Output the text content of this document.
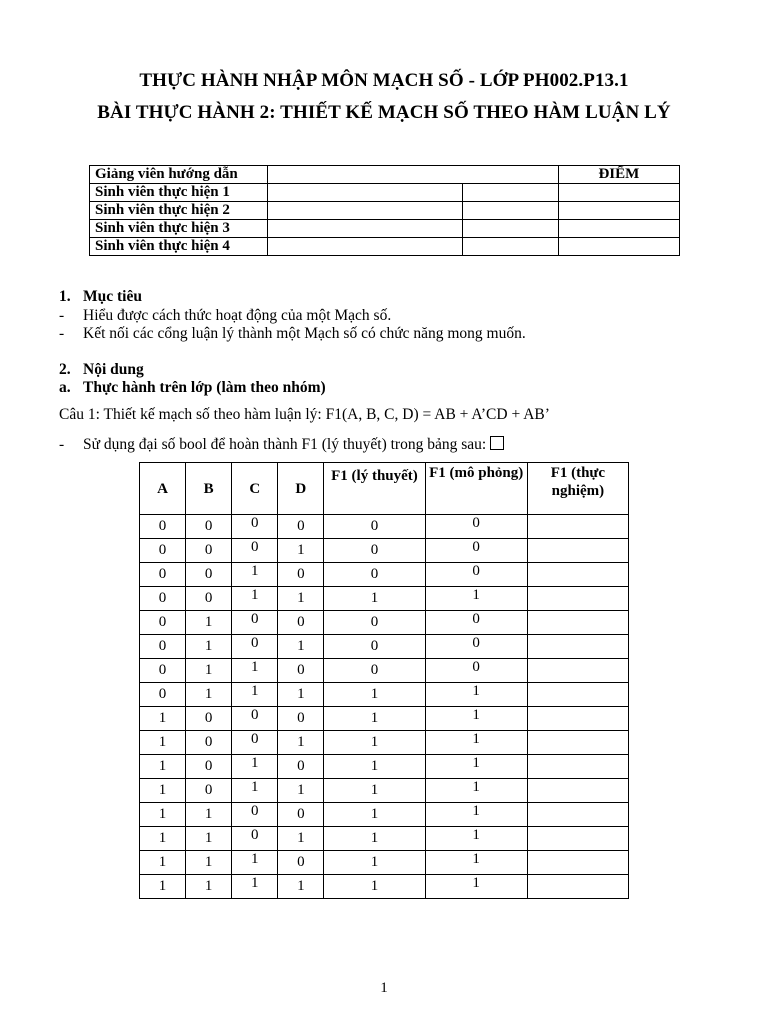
THỰC HÀNH NHẬP MÔN MẠCH SỐ - LỚP PH002.P13.1
BÀI THỰC HÀNH 2: THIẾT KẾ MẠCH SỐ THEO HÀM LUẬN LÝ
Giảng viên hướng dẫn			ĐIỂM
Sinh viên thực hiện 1			
Sinh viên thực hiện 2			
Sinh viên thực hiện 3			
Sinh viên thực hiện 4			
1. Mục tiêu
- Hiểu được cách thức hoạt động của một Mạch số.
- Kết nối các cổng luận lý thành một Mạch số có chức năng mong muốn.
2. Nội dung
a. Thực hành trên lớp (làm theo nhóm)
Câu 1: Thiết kế mạch số theo hàm luận lý: F1(A, B, C, D) = AB + A’CD + AB’
- Sử dụng đại số bool để hoàn thành F1 (lý thuyết) trong bảng sau:
A	B	C	D	F1 (lý thuyết)	F1 (mô phỏng)	F1 (thực nghiệm)
0	0	0	0	0	0	
0	0	0	1	0	0	
0	0	1	0	0	0	
0	0	1	1	1	1	
0	1	0	0	0	0	
0	1	0	1	0	0	
0	1	1	0	0	0	
0	1	1	1	1	1	
1	0	0	0	1	1	
1	0	0	1	1	1	
1	0	1	0	1	1	
1	0	1	1	1	1	
1	1	0	0	1	1	
1	1	0	1	1	1	
1	1	1	0	1	1	
1	1	1	1	1	1	
1
